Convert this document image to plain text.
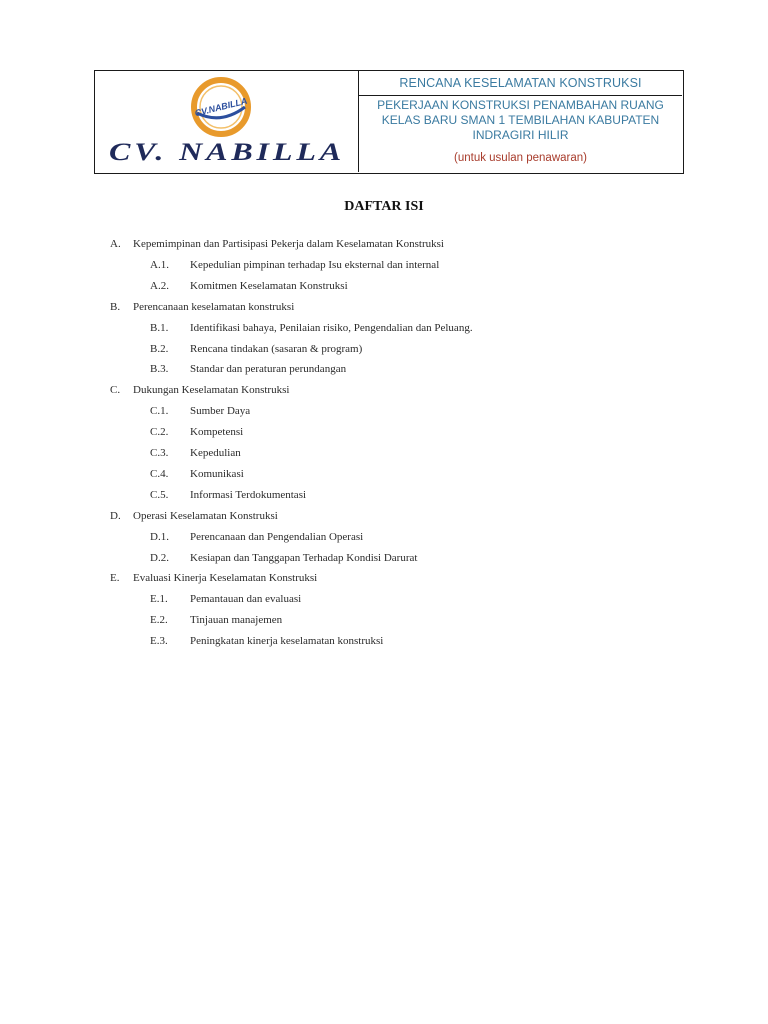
CV.NABILLA
CV. NABILLA
RENCANA KESELAMATAN KONSTRUKSI
PEKERJAAN KONSTRUKSI PENAMBAHAN RUANG
KELAS BARU SMAN 1 TEMBILAHAN KABUPATEN
INDRAGIRI HILIR
(untuk usulan penawaran)
DAFTAR ISI
A. Kepemimpinan dan Partisipasi Pekerja dalam Keselamatan Konstruksi
A.1. Kepedulian pimpinan terhadap Isu eksternal dan internal
A.2. Komitmen Keselamatan Konstruksi
B. Perencanaan keselamatan konstruksi
B.1. Identifikasi bahaya, Penilaian risiko, Pengendalian dan Peluang.
B.2. Rencana tindakan (sasaran & program)
B.3. Standar dan peraturan perundangan
C. Dukungan Keselamatan Konstruksi
C.1. Sumber Daya
C.2. Kompetensi
C.3. Kepedulian
C.4. Komunikasi
C.5. Informasi Terdokumentasi
D. Operasi Keselamatan Konstruksi
D.1. Perencanaan dan Pengendalian Operasi
D.2. Kesiapan dan Tanggapan Terhadap Kondisi Darurat
E. Evaluasi Kinerja Keselamatan Konstruksi
E.1. Pemantauan dan evaluasi
E.2. Tinjauan manajemen
E.3. Peningkatan kinerja keselamatan konstruksi
